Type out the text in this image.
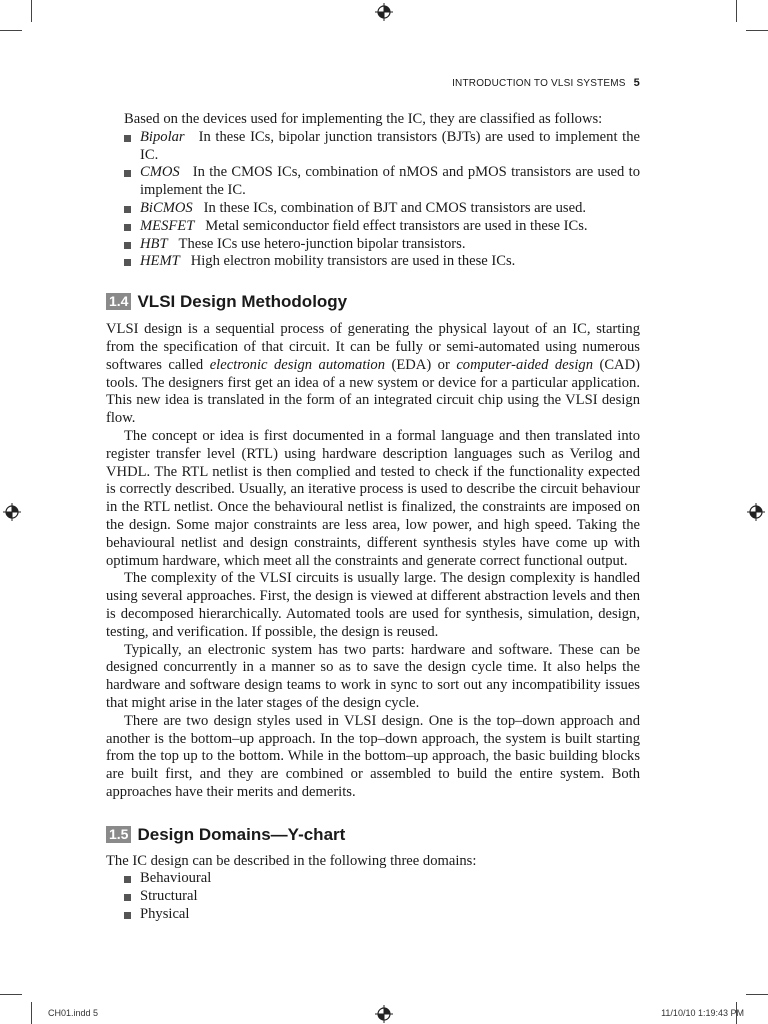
INTRODUCTION TO VLSI SYSTEMS 5

Based on the devices used for implementing the IC, they are classified as follows:

Bipolar In these ICs, bipolar junction transistors (BJTs) are used to implement the IC.
CMOS In the CMOS ICs, combination of nMOS and pMOS transistors are used to implement the IC.
BiCMOS In these ICs, combination of BJT and CMOS transistors are used.
MESFET Metal semiconductor field effect transistors are used in these ICs.
HBT These ICs use hetero-junction bipolar transistors.
HEMT High electron mobility transistors are used in these ICs.
1.4 VLSI Design Methodology

VLSI design is a sequential process of generating the physical layout of an IC, starting from the specification of that circuit. It can be fully or semi-automated using numerous softwares called electronic design automation (EDA) or computer-aided design (CAD) tools. The designers first get an idea of a new system or device for a particular application. This new idea is translated in the form of an integrated circuit chip using the VLSI design flow.

The concept or idea is first documented in a formal language and then translated into register transfer level (RTL) using hardware description languages such as Verilog and VHDL. The RTL netlist is then complied and tested to check if the functionality expected is correctly described. Usually, an iterative process is used to describe the circuit behaviour in the RTL netlist. Once the behavioural netlist is finalized, the constraints are imposed on the design. Some major constraints are less area, low power, and high speed. Taking the behavioural netlist and design constraints, different synthesis styles have come up with optimum hardware, which meet all the constraints and generate correct functional output.

The complexity of the VLSI circuits is usually large. The design complexity is handled using several approaches. First, the design is viewed at different abstraction levels and then is decomposed hierarchically. Automated tools are used for synthesis, simulation, design, testing, and verification. If possible, the design is reused.

Typically, an electronic system has two parts: hardware and software. These can be designed concurrently in a manner so as to save the design cycle time. It also helps the hardware and software design teams to work in sync to sort out any incompatibility issues that might arise in the later stages of the design cycle.

There are two design styles used in VLSI design. One is the top–down approach and another is the bottom–up approach. In the top–down approach, the system is built starting from the top up to the bottom. While in the bottom–up approach, the basic building blocks are built first, and they are combined or assembled to build the entire system. Both approaches have their merits and demerits.

1.5 Design Domains—Y-chart

The IC design can be described in the following three domains:

Behavioural
Structural
Physical
CH01.indd 5	11/10/10 1:19:43 PM
